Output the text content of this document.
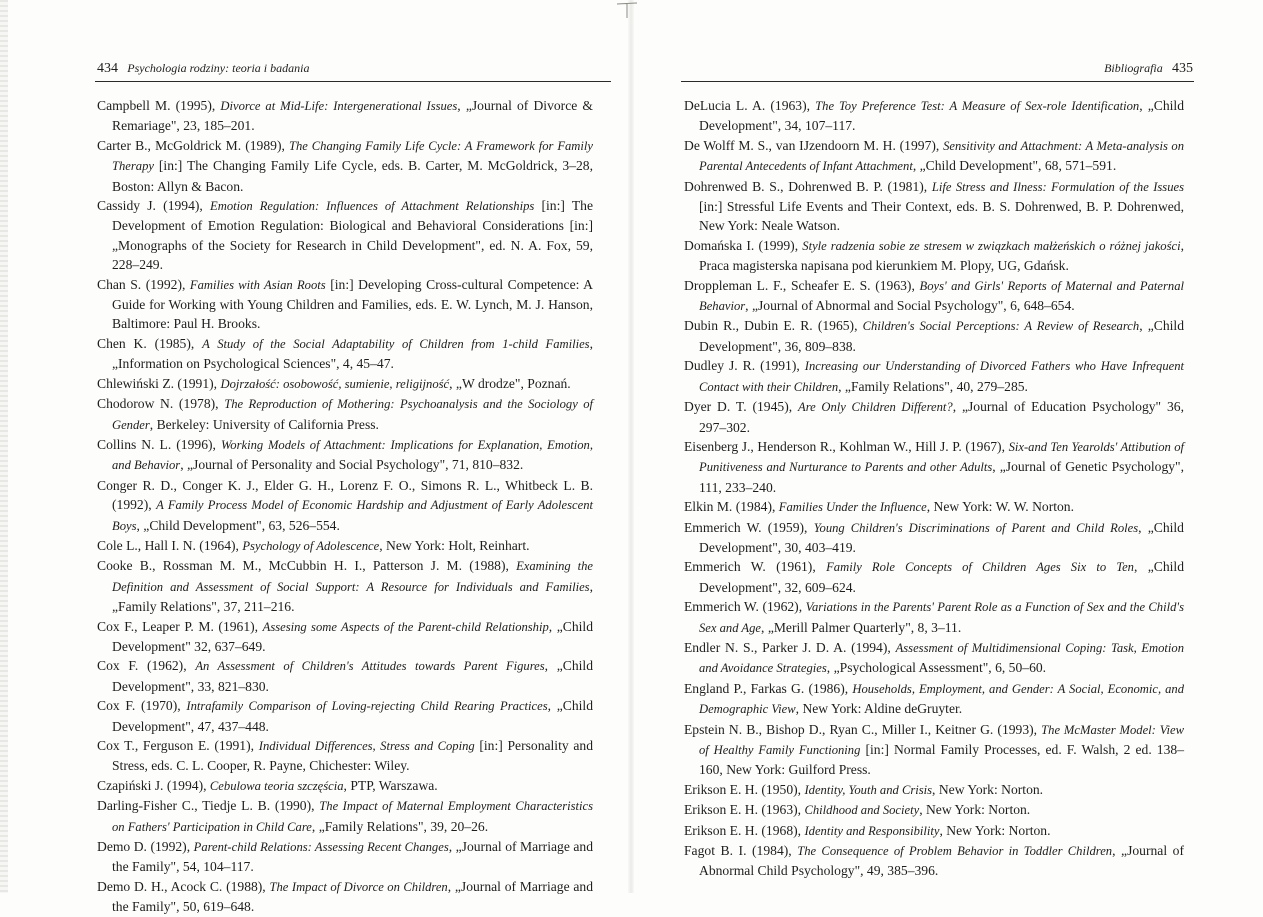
434 Psychologia rodziny: teoria i badania
Campbell M. (1995), Divorce at Mid-Life: Intergenerational Issues, „Journal of Divorce & Remariage", 23, 185–201.
Carter B., McGoldrick M. (1989), The Changing Family Life Cycle: A Framework for Family Therapy [in:] The Changing Family Life Cycle, eds. B. Carter, M. McGoldrick, 3–28, Boston: Allyn & Bacon.
Cassidy J. (1994), Emotion Regulation: Influences of Attachment Relationships [in:] The Development of Emotion Regulation: Biological and Behavioral Considerations [in:] „Monographs of the Society for Research in Child Development", ed. N. A. Fox, 59, 228–249.
Chan S. (1992), Families with Asian Roots [in:] Developing Cross-cultural Competence: A Guide for Working with Young Children and Families, eds. E. W. Lynch, M. J. Hanson, Baltimore: Paul H. Brooks.
Chen K. (1985), A Study of the Social Adaptability of Children from 1-child Families, „Information on Psychological Sciences", 4, 45–47.
Chlewiński Z. (1991), Dojrzałość: osobowość, sumienie, religijność, „W drodze", Poznań.
Chodorow N. (1978), The Reproduction of Mothering: Psychoanalysis and the Sociology of Gender, Berkeley: University of California Press.
Collins N. L. (1996), Working Models of Attachment: Implications for Explanation, Emotion, and Behavior, „Journal of Personality and Social Psychology", 71, 810–832.
Conger R. D., Conger K. J., Elder G. H., Lorenz F. O., Simons R. L., Whitbeck L. B. (1992), A Family Process Model of Economic Hardship and Adjustment of Early Adolescent Boys, „Child Development", 63, 526–554.
Cole L., Hall I. N. (1964), Psychology of Adolescence, New York: Holt, Reinhart.
Cooke B., Rossman M. M., McCubbin H. I., Patterson J. M. (1988), Examining the Definition and Assessment of Social Support: A Resource for Individuals and Families, „Family Relations", 37, 211–216.
Cox F., Leaper P. M. (1961), Assesing some Aspects of the Parent-child Relationship, „Child Development" 32, 637–649.
Cox F. (1962), An Assessment of Children's Attitudes towards Parent Figures, „Child Development", 33, 821–830.
Cox F. (1970), Intrafamily Comparison of Loving-rejecting Child Rearing Practices, „Child Development", 47, 437–448.
Cox T., Ferguson E. (1991), Individual Differences, Stress and Coping [in:] Personality and Stress, eds. C. L. Cooper, R. Payne, Chichester: Wiley.
Czapiński J. (1994), Cebulowa teoria szczęścia, PTP, Warszawa.
Darling-Fisher C., Tiedje L. B. (1990), The Impact of Maternal Employment Characteristics on Fathers' Participation in Child Care, „Family Relations", 39, 20–26.
Demo D. (1992), Parent-child Relations: Assessing Recent Changes, „Journal of Marriage and the Family", 54, 104–117.
Demo D. H., Acock C. (1988), The Impact of Divorce on Children, „Journal of Marriage and the Family", 50, 619–648.
Bibliografia 435
DeLucia L. A. (1963), The Toy Preference Test: A Measure of Sex-role Identification, „Child Development", 34, 107–117.
De Wolff M. S., van IJzendoorn M. H. (1997), Sensitivity and Attachment: A Meta-analysis on Parental Antecedents of Infant Attachment, „Child Development", 68, 571–591.
Dohrenwed B. S., Dohrenwed B. P. (1981), Life Stress and Ilness: Formulation of the Issues [in:] Stressful Life Events and Their Context, eds. B. S. Dohrenwed, B. P. Dohrenwed, New York: Neale Watson.
Domańska I. (1999), Style radzenia sobie ze stresem w związkach małżeńskich o różnej jakości, Praca magisterska napisana pod kierunkiem M. Plopy, UG, Gdańsk.
Droppleman L. F., Scheafer E. S. (1963), Boys' and Girls' Reports of Maternal and Paternal Behavior, „Journal of Abnormal and Social Psychology", 6, 648–654.
Dubin R., Dubin E. R. (1965), Children's Social Perceptions: A Review of Research, „Child Development", 36, 809–838.
Dudley J. R. (1991), Increasing our Understanding of Divorced Fathers who Have Infrequent Contact with their Children, „Family Relations", 40, 279–285.
Dyer D. T. (1945), Are Only Children Different?, „Journal of Education Psychology" 36, 297–302.
Eisenberg J., Henderson R., Kohlman W., Hill J. P. (1967), Six-and Ten Yearolds' Attibution of Punitiveness and Nurturance to Parents and other Adults, „Journal of Genetic Psychology", 111, 233–240.
Elkin M. (1984), Families Under the Influence, New York: W. W. Norton.
Emmerich W. (1959), Young Children's Discriminations of Parent and Child Roles, „Child Development", 30, 403–419.
Emmerich W. (1961), Family Role Concepts of Children Ages Six to Ten, „Child Development", 32, 609–624.
Emmerich W. (1962), Variations in the Parents' Parent Role as a Function of Sex and the Child's Sex and Age, „Merill Palmer Quarterly", 8, 3–11.
Endler N. S., Parker J. D. A. (1994), Assessment of Multidimensional Coping: Task, Emotion and Avoidance Strategies, „Psychological Assessment", 6, 50–60.
England P., Farkas G. (1986), Households, Employment, and Gender: A Social, Economic, and Demographic View, New York: Aldine deGruyter.
Epstein N. B., Bishop D., Ryan C., Miller I., Keitner G. (1993), The McMaster Model: View of Healthy Family Functioning [in:] Normal Family Processes, ed. F. Walsh, 2 ed. 138–160, New York: Guilford Press.
Erikson E. H. (1950), Identity, Youth and Crisis, New York: Norton.
Erikson E. H. (1963), Childhood and Society, New York: Norton.
Erikson E. H. (1968), Identity and Responsibility, New York: Norton.
Fagot B. I. (1984), The Consequence of Problem Behavior in Toddler Children, „Journal of Abnormal Child Psychology", 49, 385–396.
